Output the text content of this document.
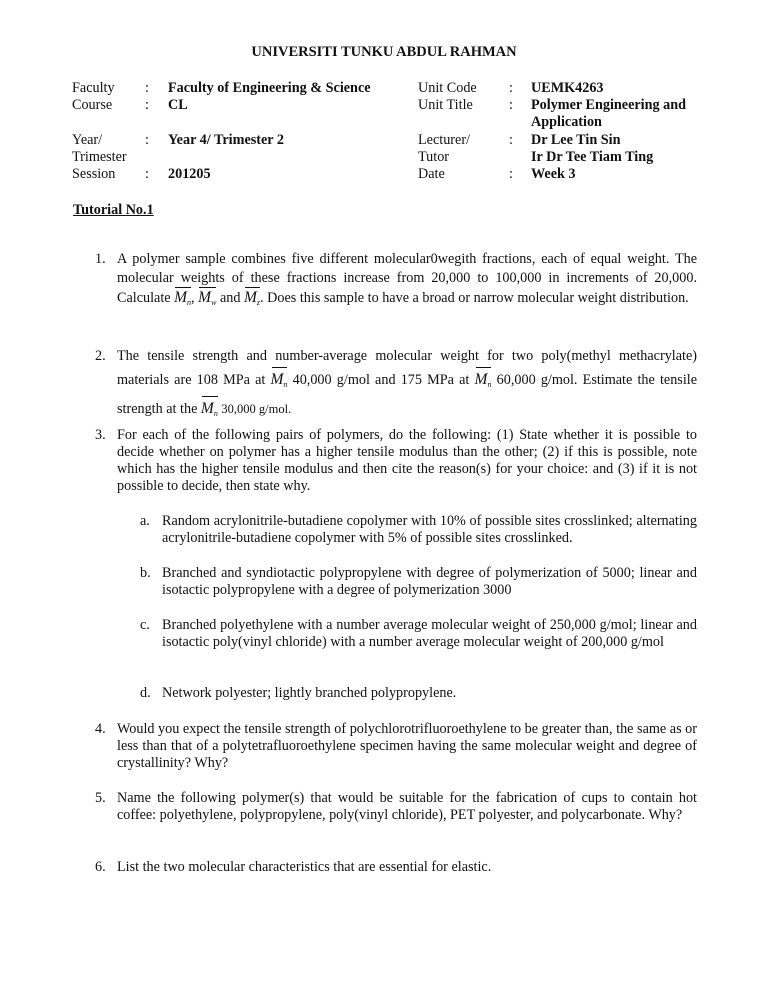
UNIVERSITI TUNKU ABDUL RAHMAN
Faculty
Course
Year/
Trimester
Session
:
:
:
:
Faculty of Engineering & Science
CL
Year 4/ Trimester 2
201205
Unit Code
Unit Title
Lecturer/
Tutor
Date
:
:
:
:
UEMK4263
Polymer Engineering and
Application
Dr Lee Tin Sin
Ir Dr Tee Tiam Ting
Week 3
Tutorial No.1
1. A polymer sample combines five different molecular0wegith fractions, each of equal weight. The molecular weights of these fractions increase from 20,000 to 100,000 in increments of 20,000. Calculate $M_n$, $M_w$ and $M_z$. Does this sample to have a broad or narrow molecular weight distribution.
2. The tensile strength and number-average molecular weight for two poly(methyl methacrylate) materials are 108 MPa at $M_n$ 40,000 g/mol and 175 MPa at $M_n$ 60,000 g/mol. Estimate the tensile strength at the $M_n$ 30,000 g/mol.
3. For each of the following pairs of polymers, do the following: (1) State whether it is possible to decide whether on polymer has a higher tensile modulus than the other; (2) if this is possible, note which has the higher tensile modulus and then cite the reason(s) for your choice: and (3) if it is not possible to decide, then state why.
a. Random acrylonitrile-butadiene copolymer with 10% of possible sites crosslinked; alternating acrylonitrile-butadiene copolymer with 5% of possible sites crosslinked.
b. Branched and syndiotactic polypropylene with degree of polymerization of 5000; linear and isotactic polypropylene with a degree of polymerization 3000
c. Branched polyethylene with a number average molecular weight of 250,000 g/mol; linear and isotactic poly(vinyl chloride) with a number average molecular weight of 200,000 g/mol
d. Network polyester; lightly branched polypropylene.
4. Would you expect the tensile strength of polychlorotrifluoroethylene to be greater than, the same as or less than that of a polytetrafluoroethylene specimen having the same molecular weight and degree of crystallinity? Why?
5. Name the following polymer(s) that would be suitable for the fabrication of cups to contain hot coffee: polyethylene, polypropylene, poly(vinyl chloride), PET polyester, and polycarbonate. Why?
6. List the two molecular characteristics that are essential for elastic.
